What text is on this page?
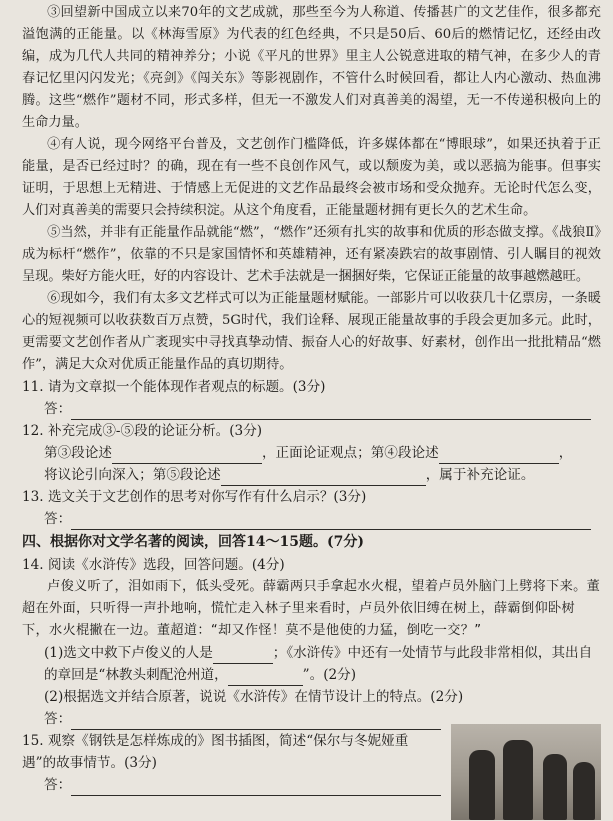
③回望新中国成立以来70年的文艺成就，那些至今为人称道、传播甚广的文艺佳作，很多都充溢饱满的正能量。以《林海雪原》为代表的红色经典，不只是50后、60后的燃情记忆，还经由改编，成为几代人共同的精神养分；小说《平凡的世界》里主人公锐意进取的精气神，在多少人的青春记忆里闪闪发光；《亮剑》《闯关东》等影视剧作，不管什么时候回看，都让人内心激动、热血沸腾。这些“燃作”题材不同，形式多样，但无一不激发人们对真善美的渴望，无一不传递积极向上的生命力量。

④有人说，现今网络平台普及，文艺创作门槛降低，许多媒体都在“博眼球”，如果还执着于正能量，是否已经过时？的确，现在有一些不良创作风气，或以颓废为美，或以恶搞为能事。但事实证明，于思想上无精进、于情感上无促进的文艺作品最终会被市场和受众抛弃。无论时代怎么变，人们对真善美的需要只会持续积淀。从这个角度看，正能量题材拥有更长久的艺术生命。

⑤当然，并非有正能量作品就能“燃”，“燃作”还须有扎实的故事和优质的形态做支撑。《战狼Ⅱ》成为标杆“燃作”，依靠的不只是家国情怀和英雄精神，还有紧凑跌宕的故事剧情、引人瞩目的视效呈现。柴好方能火旺，好的内容设计、艺术手法就是一捆捆好柴，它保证正能量的故事越燃越旺。

⑥现如今，我们有太多文艺样式可以为正能量题材赋能。一部影片可以收获几十亿票房，一条暖心的短视频可以收获数百万点赞，5G时代，我们诠释、展现正能量故事的手段会更加多元。此时，更需要文艺创作者从广袤现实中寻找真挚动情、振奋人心的好故事、好素材，创作出一批批精品“燃作”，满足大众对优质正能量作品的真切期待。

11. 请为文章拟一个能体现作者观点的标题。(3分)

答：

12. 补充完成③-⑤段的论证分析。(3分)

第③段论述	，正面论证观点；第④段论述	，

将议论引向深入；第⑤段论述	，属于补充论证。

13. 选文关于文艺创作的思考对你写作有什么启示？(3分)

答：

四、根据你对文学名著的阅读，回答14～15题。(7分)

14. 阅读《水浒传》选段，回答问题。(4分)

卢俊义听了，泪如雨下，低头受死。薛霸两只手拿起水火棍，望着卢员外脑门上劈将下来。董超在外面，只听得一声扑地响，慌忙走入林子里来看时，卢员外依旧缚在树上，薛霸倒仰卧树下，水火棍撇在一边。董超道：“却又作怪！莫不是他使的力猛，倒吃一交？”

(1)选文中救下卢俊义的人是	；《水浒传》中还有一处情节与此段非常相似，其出自的章回是“林教头刺配沧州道，	”。(2分)

(2)根据选文并结合原著，说说《水浒传》在情节设计上的特点。(2分)

答：

15. 观察《钢铁是怎样炼成的》图书插图，简述“保尔与冬妮娅重遇”的故事情节。(3分)

答：
